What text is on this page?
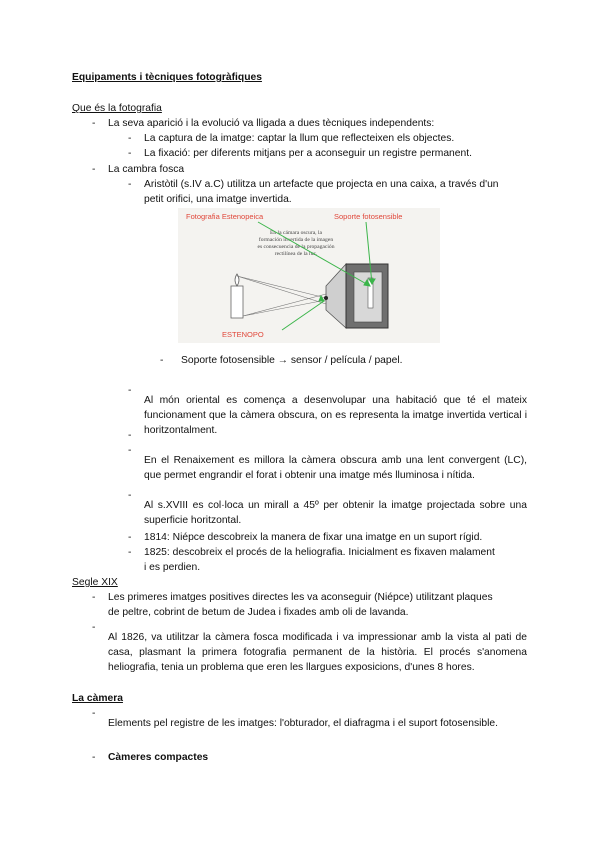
Equipaments i tècniques fotogràfiques

Que és la fotografia

- La seva aparició i la evolució va lligada a dues tècniques independents:

- La captura de la imatge: captar la llum que reflecteixen els objectes.

- La fixació: per diferents mitjans per a aconseguir un registre permanent.

- La cambra fosca

- Aristòtil (s.IV a.C) utilitza un artefacte que projecta en una caixa, a través d'un

petit orifici, una imatge invertida.

En la cámara oscura, la
formación invertida de la imagen
es consecuencia de la propagación
rectilínea de la luz.
Fotografia Estenopeica	Soporte fotosensible
ESTENOPO
- Soporte fotosensible → sensor / película / papel.

-

Al món oriental es comença a desenvolupar una habitació que té el mateix funcionament que la càmera obscura, on es representa la imatge invertida vertical i horitzontalment.

-
-

En el Renaixement es millora la càmera obscura amb una lent convergent (LC), que permet engrandir el forat i obtenir una imatge més lluminosa i nítida.

-

Al s.XVIII es col·loca un mirall a 45º per obtenir la imatge projectada sobre una superficie horitzontal.

- 1814: Niépce descobreix la manera de fixar una imatge en un suport rígid.

- 1825: descobreix el procés de la heliografia. Inicialment es fixaven malament

i es perdien.

Segle XIX

- Les primeres imatges positives directes les va aconseguir (Niépce) utilitzant plaques

de peltre, cobrint de betum de Judea i fixades amb oli de lavanda.

-

Al 1826, va utilitzar la càmera fosca modificada i va impressionar amb la vista al pati de casa, plasmant la primera fotografia permanent de la història. El procés s'anomena heliografia, tenia un problema que eren les llargues exposicions, d'unes 8 hores.

La càmera

-

Elements pel registre de les imatges: l'obturador, el diafragma i el suport fotosensible.

- Càmeres compactes
